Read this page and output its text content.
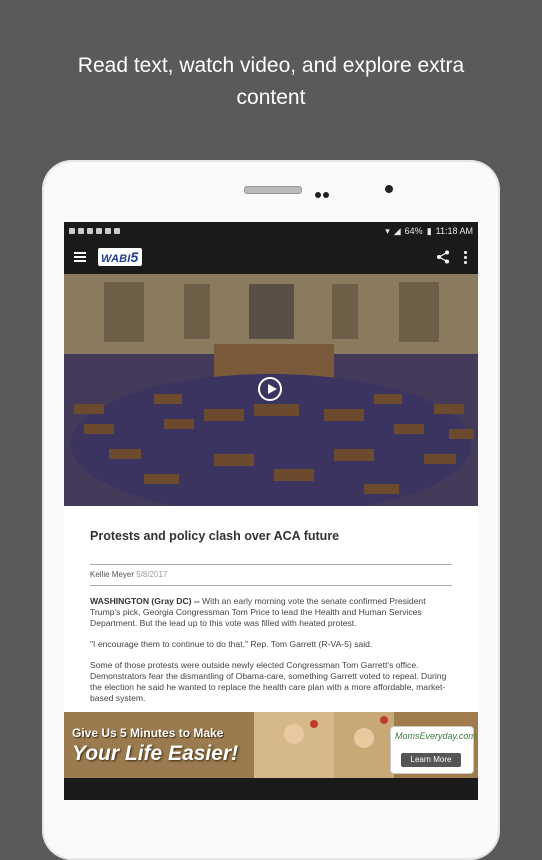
Read text, watch video, and explore extra
content
▾ ◢ 64% ▮ 11:18 AM
WABI5
Protests and policy clash over ACA future
Kellie Meyer 5/8/2017
WASHINGTON (Gray DC) -- With an early morning vote the senate confirmed President Trump's pick, Georgia Congressman Tom Price to lead the Health and Human Services Department. But the lead up to this vote was filled with heated protest.
"I encourage them to continue to do that," Rep. Tom Garrett (R-VA-5) said.
Some of those protests were outside newly elected Congressman Tom Garrett's office. Demonstrators fear the dismantling of Obama-care, something Garrett voted to repeal. During the election he said he wanted to replace the health care plan with a more affordable, market-based system.
Give Us 5 Minutes to Make
Your Life Easier!
MomsEveryday.com
Learn More
